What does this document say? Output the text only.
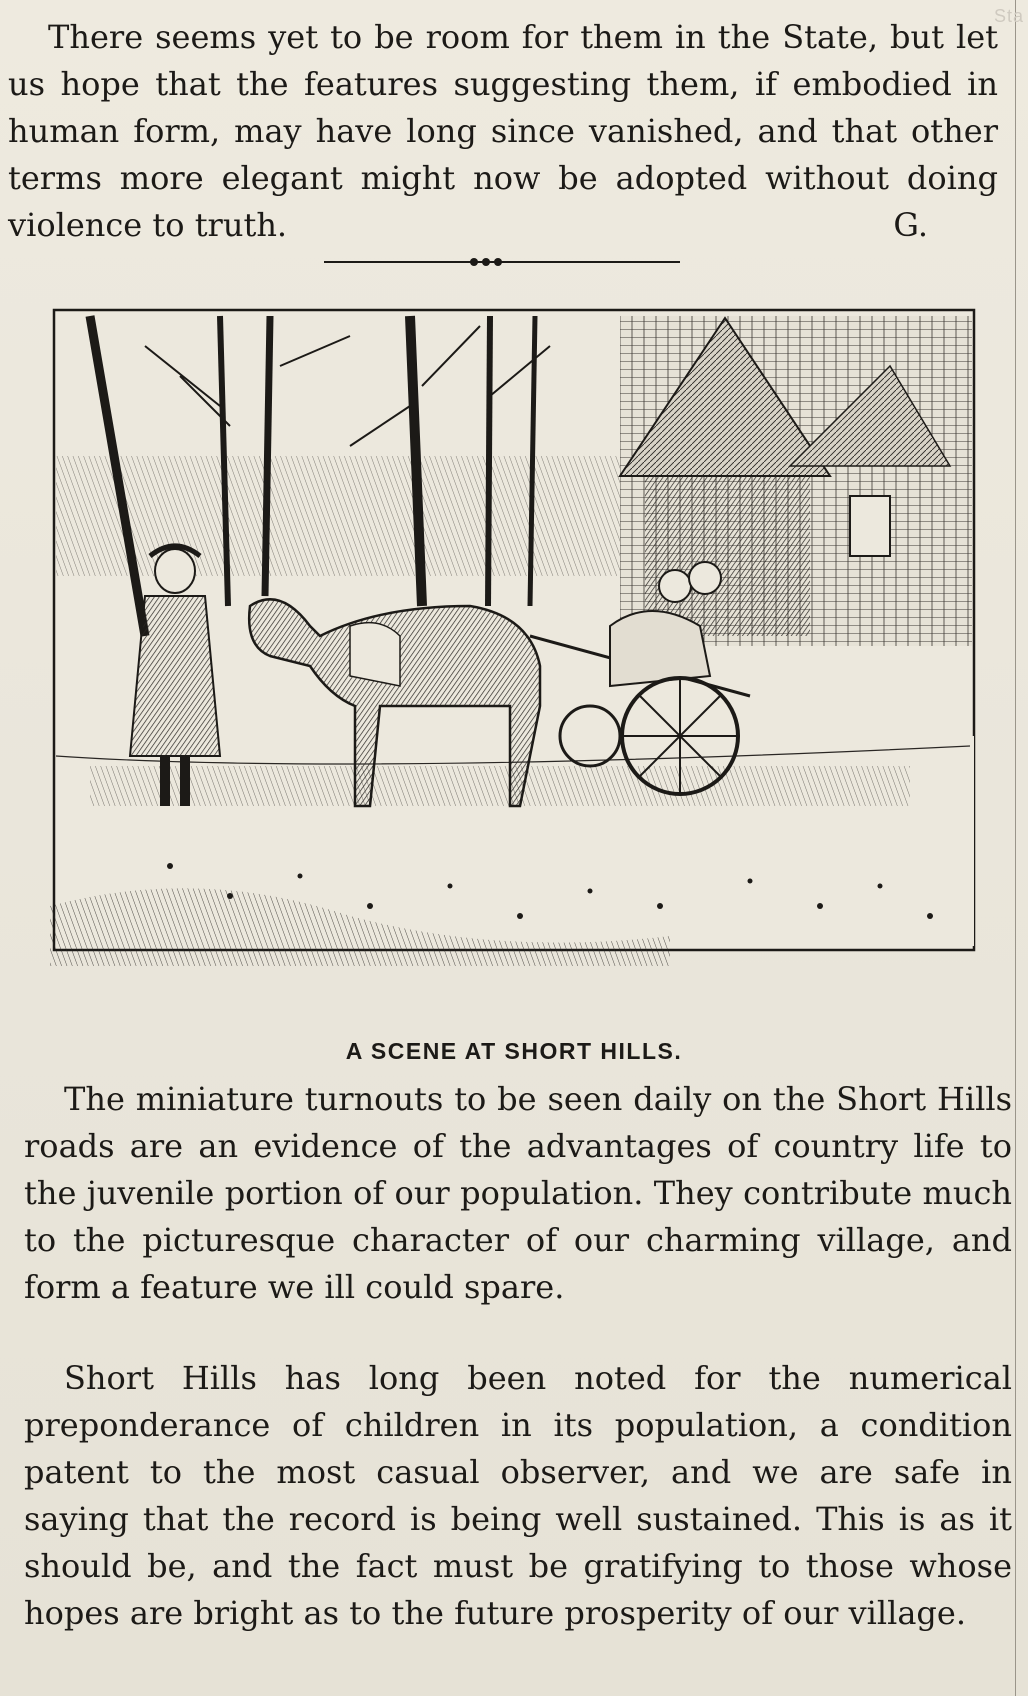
Sta

There seems yet to be room for them in the State, but let us hope that the features suggesting them, if embodied in human form, may have long since vanished, and that other terms more elegant might now be adopted without doing violence to truth.	G.

A SCENE AT SHORT HILLS.

The miniature turnouts to be seen daily on the Short Hills roads are an evidence of the advantages of country life to the juvenile portion of our population. They contribute much to the picturesque character of our charming village, and form a feature we ill could spare.

Short Hills has long been noted for the numerical preponderance of children in its population, a condition patent to the most casual observer, and we are safe in saying that the record is being well sustained. This is as it should be, and the fact must be gratifying to those whose hopes are bright as to the future prosperity of our village.
